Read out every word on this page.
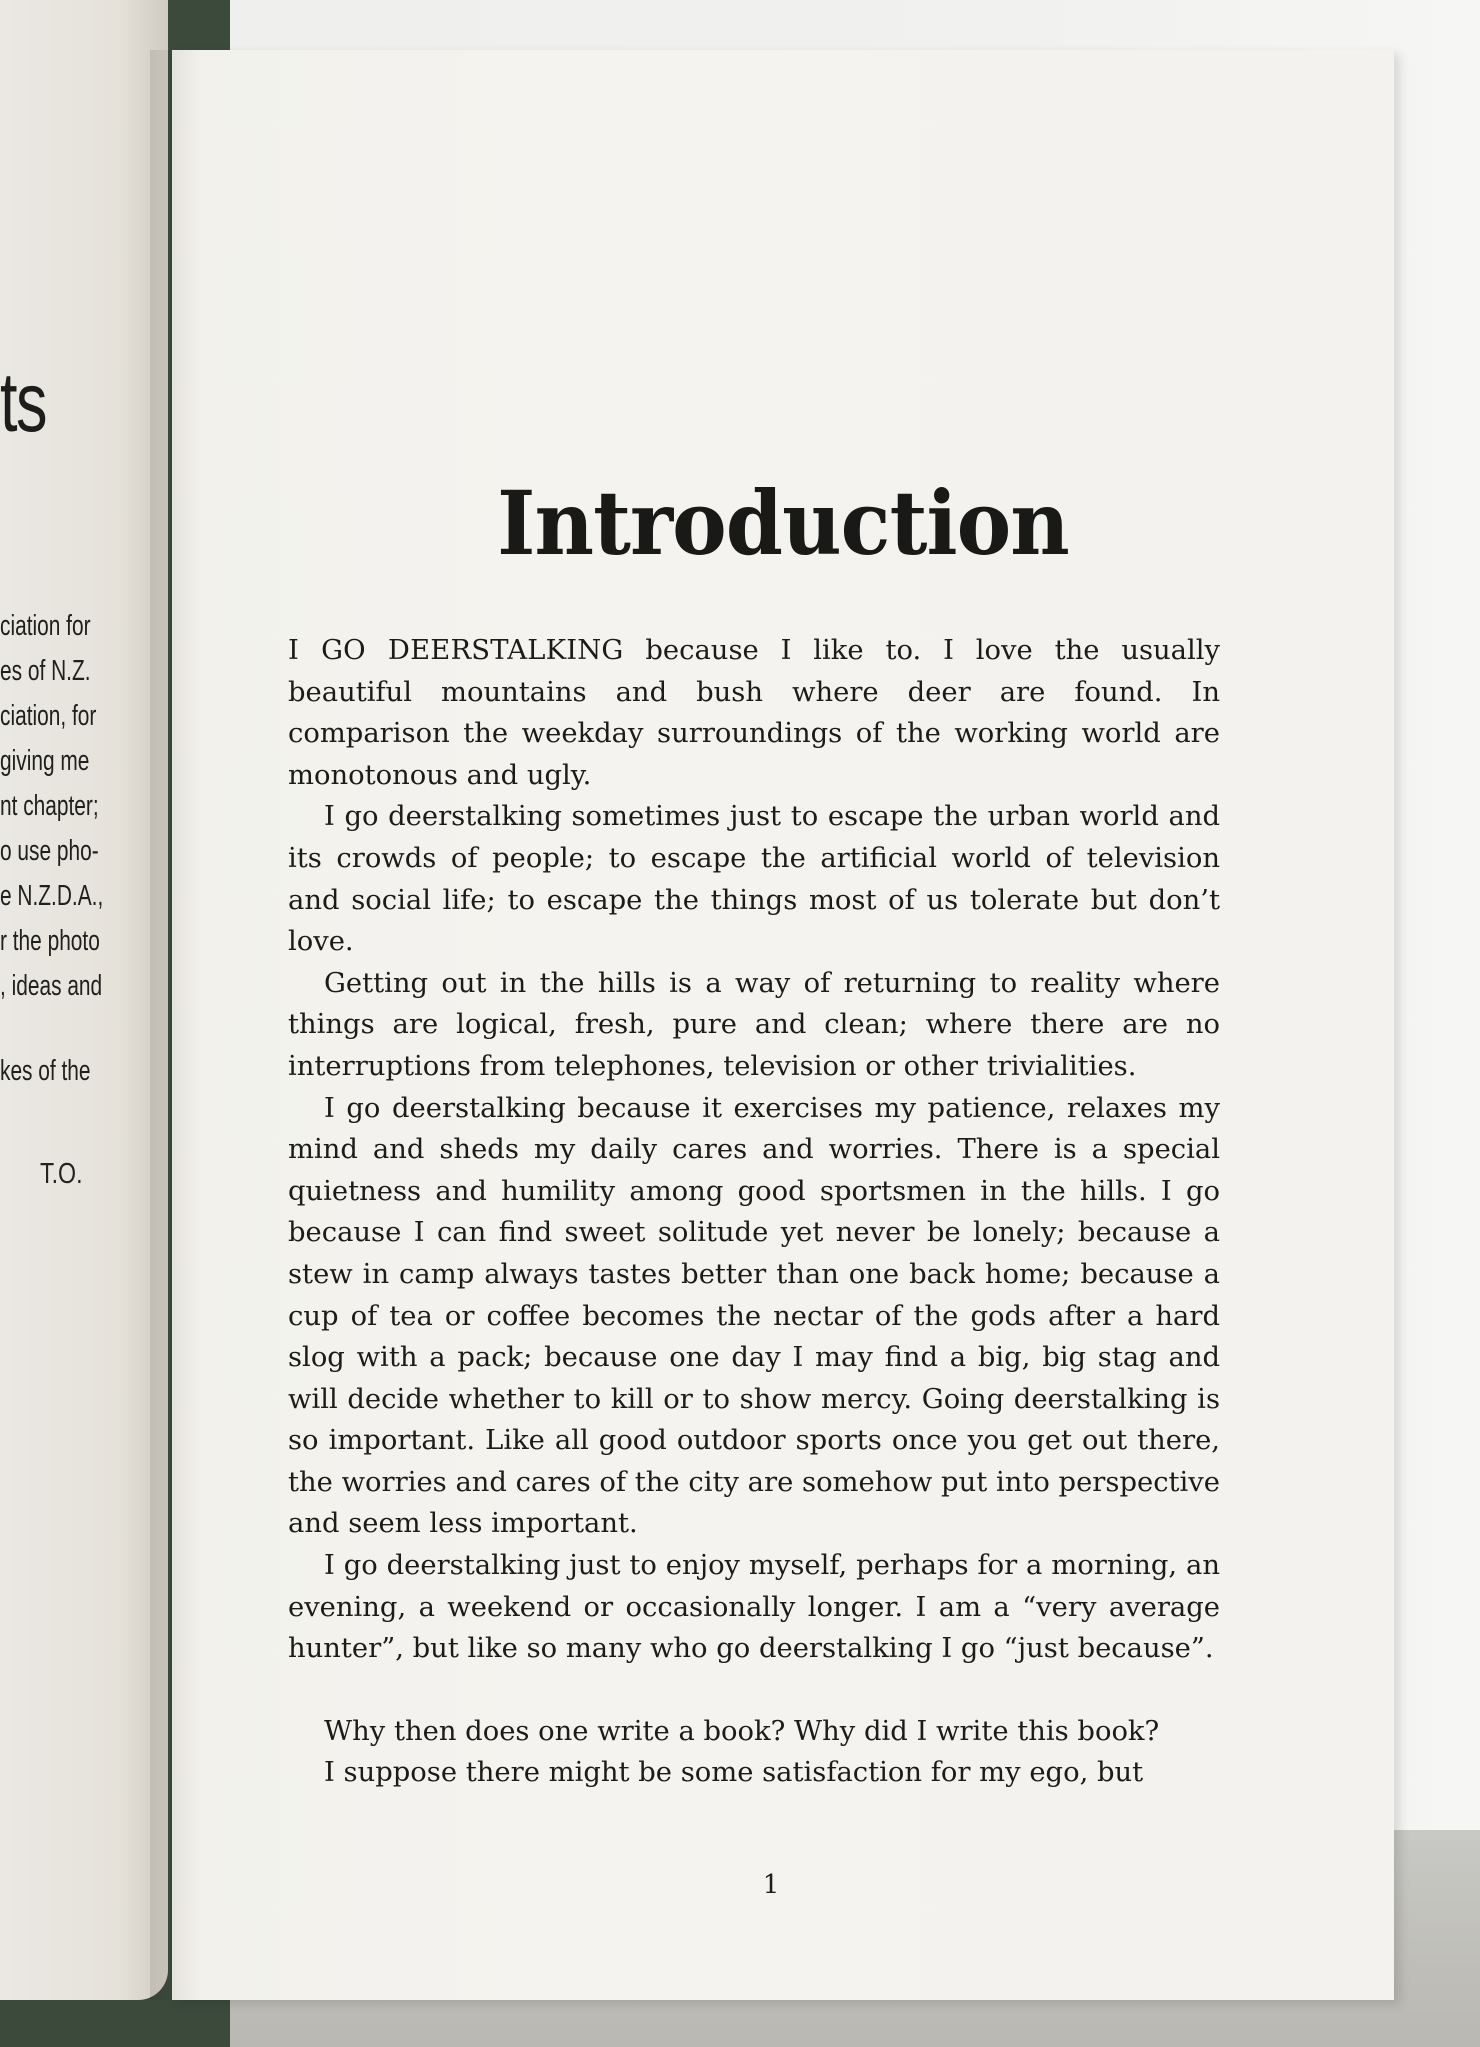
ts
ciation for
es of N.Z.
ciation, for
giving me
nt chapter;
o use pho-
e N.Z.D.A.,
r the photo
, ideas and
kes of the
T.O.
Introduction

I GO DEERSTALKING because I like to. I love the usually beautiful mountains and bush where deer are found. In comparison the weekday surroundings of the working world are monotonous and ugly.

I go deerstalking sometimes just to escape the urban world and its crowds of people; to escape the artificial world of television and social life; to escape the things most of us tolerate but don’t love.

Getting out in the hills is a way of returning to reality where things are logical, fresh, pure and clean; where there are no interruptions from telephones, television or other trivialities.

I go deerstalking because it exercises my patience, relaxes my mind and sheds my daily cares and worries. There is a special quietness and humility among good sportsmen in the hills. I go because I can find sweet solitude yet never be lonely; because a stew in camp always tastes better than one back home; because a cup of tea or coffee becomes the nectar of the gods after a hard slog with a pack; because one day I may find a big, big stag and will decide whether to kill or to show mercy. Going deerstalking is so important. Like all good outdoor sports once you get out there, the worries and cares of the city are somehow put into perspective and seem less important.

I go deerstalking just to enjoy myself, perhaps for a morning, an evening, a weekend or occasionally longer. I am a “very average hunter”, but like so many who go deerstalking I go “just because”.

Why then does one write a book? Why did I write this book?

I suppose there might be some satisfaction for my ego, but

1
